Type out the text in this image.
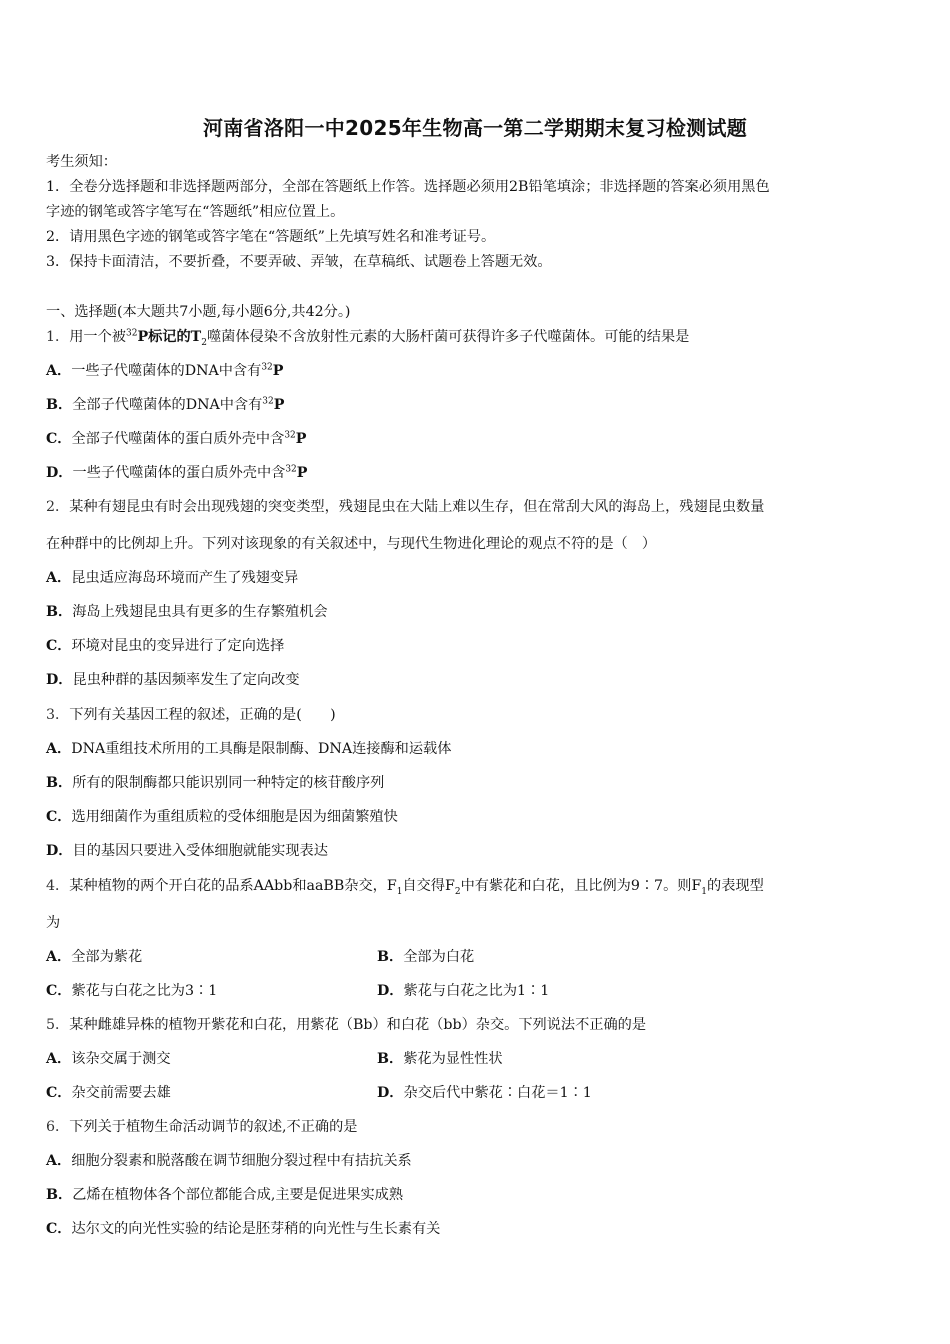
河南省洛阳一中2025年生物高一第二学期期末复习检测试题
考生须知：
1．全卷分选择题和非选择题两部分，全部在答题纸上作答。选择题必须用2B铅笔填涂；非选择题的答案必须用黑色
字迹的钢笔或答字笔写在“答题纸”相应位置上。
2．请用黑色字迹的钢笔或答字笔在“答题纸”上先填写姓名和准考证号。
3．保持卡面清洁，不要折叠，不要弄破、弄皱，在草稿纸、试题卷上答题无效。
一、选择题(本大题共7小题,每小题6分,共42分。)
1．用一个被$^{32}$P标记的$T_2$噬菌体侵染不含放射性元素的大肠杆菌可获得许多子代噬菌体。可能的结果是
A．一些子代噬菌体的DNA中含有$^{32}$P
B．全部子代噬菌体的DNA中含有$^{32}$P
C．全部子代噬菌体的蛋白质外壳中含$^{32}$P
D．一些子代噬菌体的蛋白质外壳中含$^{32}$P
2．某种有翅昆虫有时会出现残翅的突变类型，残翅昆虫在大陆上难以生存，但在常刮大风的海岛上，残翅昆虫数量
在种群中的比例却上升。下列对该现象的有关叙述中，与现代生物进化理论的观点不符的是（　）
A．昆虫适应海岛环境而产生了残翅变异
B．海岛上残翅昆虫具有更多的生存繁殖机会
C．环境对昆虫的变异进行了定向选择
D．昆虫种群的基因频率发生了定向改变
3．下列有关基因工程的叙述，正确的是(　　)
A．DNA重组技术所用的工具酶是限制酶、DNA连接酶和运载体
B．所有的限制酶都只能识别同一种特定的核苷酸序列
C．选用细菌作为重组质粒的受体细胞是因为细菌繁殖快
D．目的基因只要进入受体细胞就能实现表达
4．某种植物的两个开白花的品系AAbb和aaBB杂交，$F_1$自交得$F_2$中有紫花和白花，且比例为9∶7。则$F_1$的表现型
为
A．全部为紫花	B．全部为白花
C．紫花与白花之比为3∶1	D．紫花与白花之比为1∶1
5．某种雌雄异株的植物开紫花和白花，用紫花（Bb）和白花（bb）杂交。下列说法不正确的是
A．该杂交属于测交	B．紫花为显性性状
C．杂交前需要去雄	D．杂交后代中紫花∶白花＝1∶1
6．下列关于植物生命活动调节的叙述,不正确的是
A．细胞分裂素和脱落酸在调节细胞分裂过程中有拮抗关系
B．乙烯在植物体各个部位都能合成,主要是促进果实成熟
C．达尔文的向光性实验的结论是胚芽稍的向光性与生长素有关
